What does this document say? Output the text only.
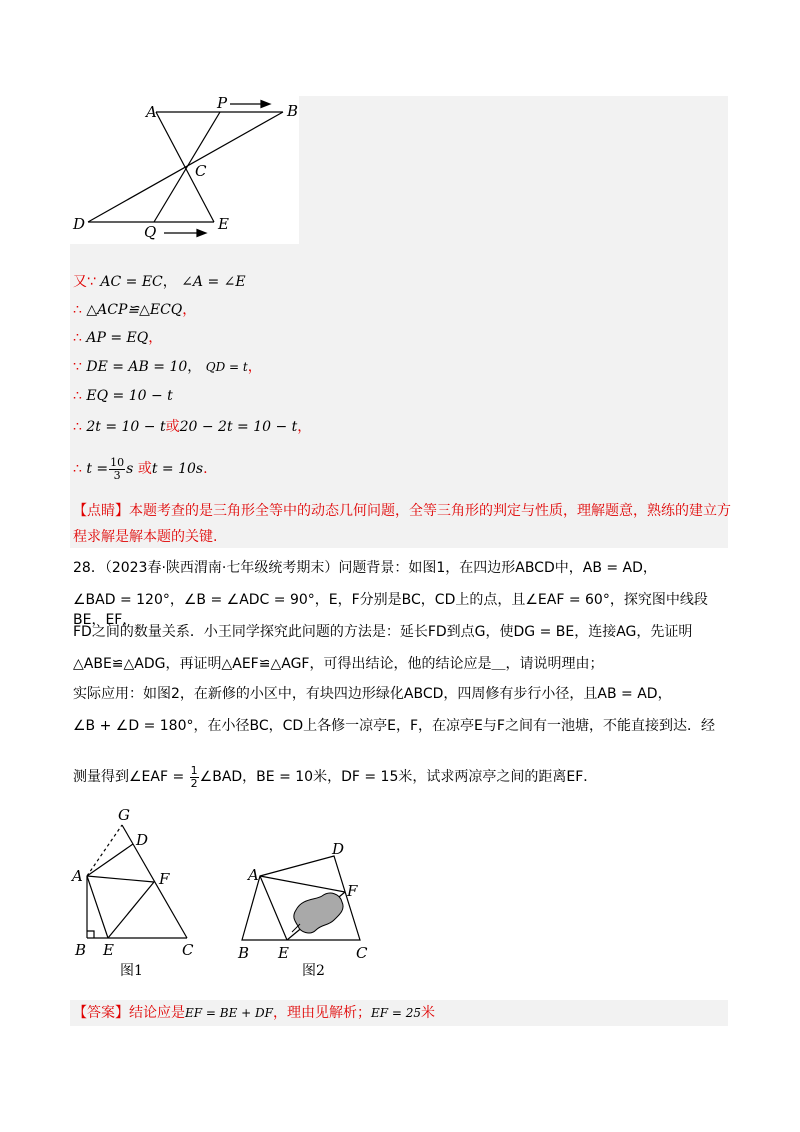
A	P	B
C
D	Q	E
又∵ AC = EC， ∠A = ∠E
∴ △ACP≌△ECQ，
∴ AP = EQ，
∵ DE = AB = 10， QD = t，
∴ EQ = 10 − t
∴ 2t = 10 − t或20 − 2t = 10 − t，
∴ $t = \frac{10}{3}$ s 或t = 10s.
【点睛】本题考查的是三角形全等中的动态几何问题，全等三角形的判定与性质，理解题意，熟练的建立方程求解是解本题的关键.
28．（2023春·陕西渭南·七年级统考期末）问题背景：如图1，在四边形ABCD中，AB = AD，
∠BAD = 120°，∠B = ∠ADC = 90°，E，F分别是BC，CD上的点，且∠EAF = 60°，探究图中线段BE，EF，
FD之间的数量关系．小王同学探究此问题的方法是：延长FD到点G，使DG = BE，连接AG，先证明
△ABE≌△ADG，再证明△AEF≌△AGF，可得出结论，他的结论应是＿，请说明理由；
实际应用：如图2，在新修的小区中，有块四边形绿化ABCD，四周修有步行小径，且AB = AD，
∠B + ∠D = 180°，在小径BC，CD上各修一凉亭E，F，在凉亭E与F之间有一池塘，不能直接到达．经
测量得到∠EAF = $\frac{1}{2}$ ∠BAD，BE = 10米，DF = 15米，试求两凉亭之间的距离EF．
G
D
A	F
B E	C
图1
A
D
F
B E	C
图2
【答案】结论应是EF = BE + DF，理由见解析；EF = 25米
